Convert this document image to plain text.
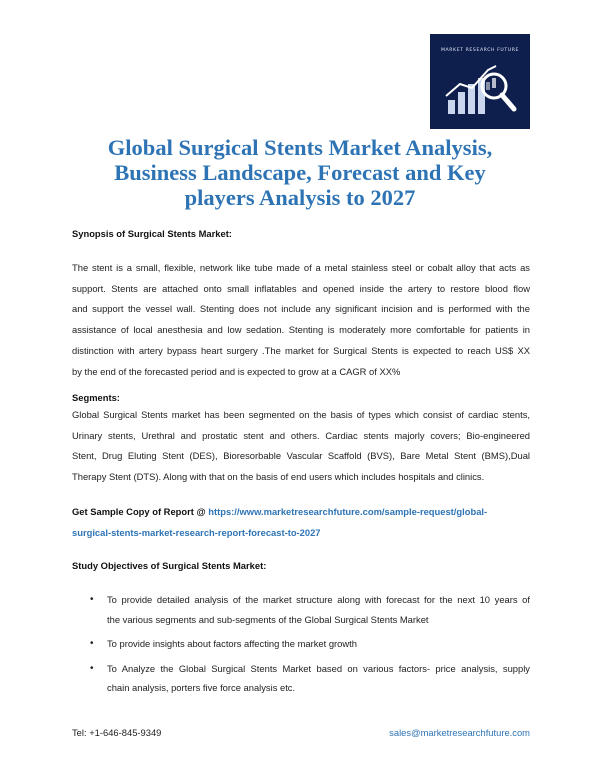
MARKET RESEARCH FUTURE
Global Surgical Stents Market Analysis,
Business Landscape, Forecast and Key
players Analysis to 2027

Synopsis of Surgical Stents Market:

The stent is a small, flexible, network like tube made of a metal stainless steel or cobalt alloy that acts as
support. Stents are attached onto small inflatables and opened inside the artery to restore blood flow
and support the vessel wall. Stenting does not include any significant incision and is performed with the
assistance of local anesthesia and low sedation. Stenting is moderately more comfortable for patients in
distinction with artery bypass heart surgery .The market for Surgical Stents is expected to reach US$ XX
by the end of the forecasted period and is expected to grow at a CAGR of XX%

Segments:

Global Surgical Stents market has been segmented on the basis of types which consist of cardiac stents,
Urinary stents, Urethral and prostatic stent and others. Cardiac stents majorly covers; Bio-engineered
Stent, Drug Eluting Stent (DES), Bioresorbable Vascular Scaffold (BVS), Bare Metal Stent (BMS),Dual
Therapy Stent (DTS). Along with that on the basis of end users which includes hospitals and clinics.

Get Sample Copy of Report @ https://www.marketresearchfuture.com/sample-request/global-
surgical-stents-market-research-report-forecast-to-2027

Study Objectives of Surgical Stents Market:

• To provide detailed analysis of the market structure along with forecast for the next 10 years of
the various segments and sub-segments of the Global Surgical Stents Market
• To provide insights about factors affecting the market growth
• To Analyze the Global Surgical Stents Market based on various factors- price analysis, supply
chain analysis, porters five force analysis etc.
Tel: +1-646-845-9349	sales@marketresearchfuture.com
